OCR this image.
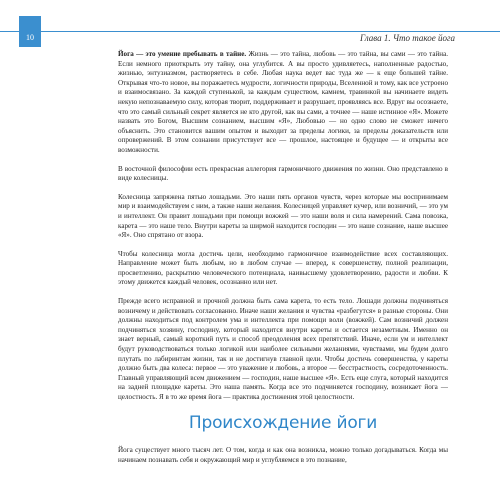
10	Глава 1. Что такое йога

Йога — это умение пребывать в тайне. Жизнь — это тайна, любовь — это тайна, вы сами — это тайна. Если немного приоткрыть эту тайну, она углубится. А вы просто удивляетесь, наполненные радостью, жизнью, энтузиазмом, растворяетесь в себе. Любая наука ведет вас туда же — к еще большей тайне. Открывая что-то новое, вы поражаетесь мудрости, логичности природы, Вселенной и тому, как все устроено и взаимосвязано. За каждой ступенькой, за каждым существом, камнем, травинкой вы начинаете видеть некую непознаваемую силу, которая творит, поддерживает и разрушает, проявляясь все. Вдруг вы осознаете, что это самый сильный секрет является не кто другой, как вы сами, а точнее — наше истинное «Я». Можете назвать это Богом, Высшим сознанием, высшим «Я», Любовью — но одно слово не сможет ничего объяснить. Это становится вашим опытом и выходит за пределы логики, за пределы доказательств или опровержений. В этом сознании присутствует все — прошлое, настоящее и будущее — и открыты все возможности.

В восточной философии есть прекрасная аллегория гармоничного движения по жизни. Оно представлено в виде колесницы.

Колесница запряжена пятью лошадьми. Это наши пять органов чувств, через которые мы воспринимаем мир и взаимодействуем с ним, а также наши желания. Колесницей управляет кучер, или возничий, — это ум и интеллект. Он правит лошадьми при помощи вожжей — это наши воля и сила намерений. Сама повозка, карета — это наше тело. Внутри кареты за ширмой находится господин — это наше сознание, наше высшее «Я». Оно спрятано от взора.

Чтобы колесница могла достичь цели, необходимо гармоничное взаимодействие всех составляющих. Направление может быть любым, но в любом случае — вперед, к совершенству, полной реализации, просветлению, раскрытию человеческого потенциала, наивысшему удовлетворению, радости и любви. К этому движется каждый человек, осознанно или нет.

Прежде всего исправной и прочной должна быть сама карета, то есть тело. Лошади должны подчиняться возничему и действовать согласованно. Иначе наши желания и чувства «разбегутся» в разные стороны. Они должны находиться под контролем ума и интеллекта при помощи воли (вожжей). Сам возничий должен подчиняться хозяину, господину, который находится внутри кареты и остается незаметным. Именно он знает верный, самый короткий путь и способ преодоления всех препятствий. Иначе, если ум и интеллект будут руководствоваться только логикой или наиболее сильными желаниями, чувствами, мы будем долго плутать по лабиринтам жизни, так и не достигнув главной цели. Чтобы достичь совершенства, у кареты должно быть два колеса: первое — это уважение и любовь, а второе — бесстрастность, сосредоточенность. Главный управляющий всем движением — господин, наше высшее «Я». Есть еще слуга, который находится на задней площадке кареты. Это наша память. Когда все это подчиняется господину, возникает йога — целостность. Я в то же время йога — практика достижения этой целостности.

Происхождение йоги

Йога существует много тысяч лет. О том, когда и как она возникла, можно только догадываться. Когда мы начинаем познавать себя и окружающий мир и углубляемся в это познание,
